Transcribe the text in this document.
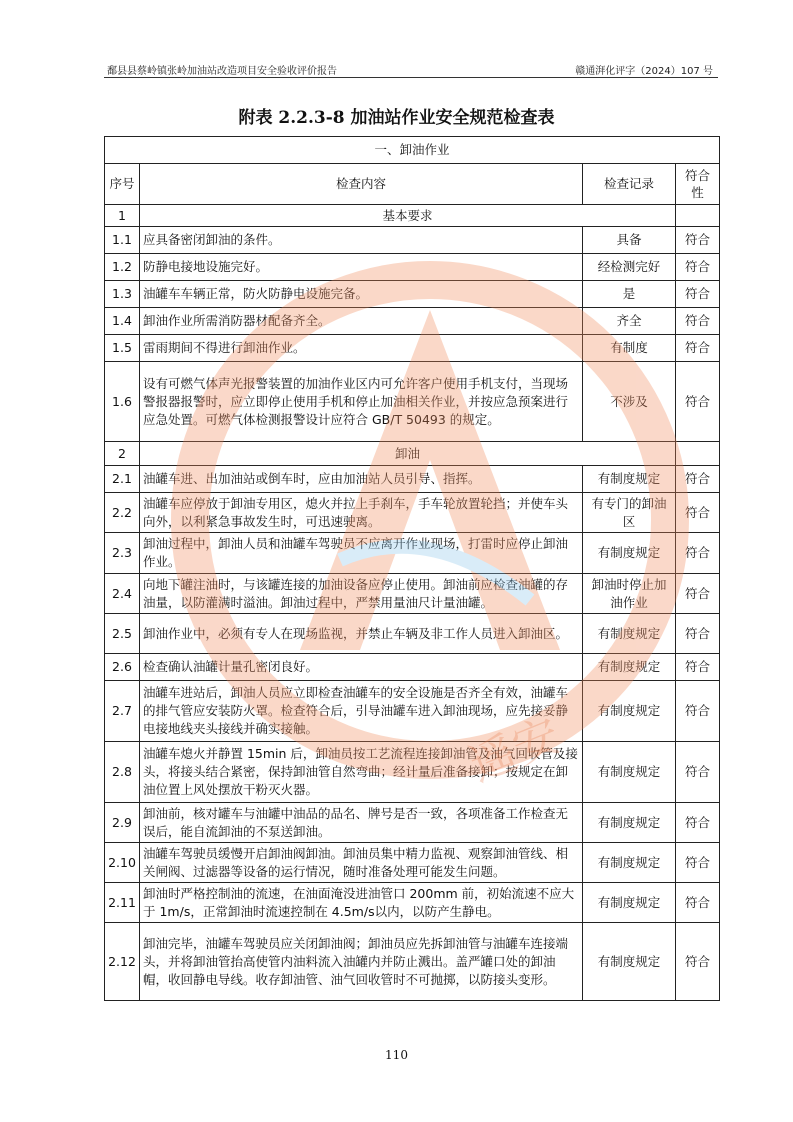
鄱县县蔡岭镇张岭加油站改造项目安全验收评价报告	赣通湃化评字（2024）107 号
附表 2.2.3-8 加油站作业安全规范检查表
一、卸油作业			
序号	检查内容	检查记录	符合性
1	基本要求		
1.1	应具备密闭卸油的条件。	具备	符合
1.2	防静电接地设施完好。	经检测完好	符合
1.3	油罐车车辆正常，防火防静电设施完备。	是	符合
1.4	卸油作业所需消防器材配备齐全。	齐全	符合
1.5	雷雨期间不得进行卸油作业。	有制度	符合
1.6	设有可燃气体声光报警装置的加油作业区内可允许客户使用手机支付，当现场警报器报警时，应立即停止使用手机和停止加油相关作业，并按应急预案进行应急处置。可燃气体检测报警设计应符合 GB/T 50493 的规定。	不涉及	符合
2	卸油		
2.1	油罐车进、出加油站或倒车时，应由加油站人员引导、指挥。	有制度规定	符合
2.2	油罐车应停放于卸油专用区，熄火并拉上手刹车，手车轮放置轮挡；并使车头向外，以利紧急事故发生时，可迅速驶离。	有专门的卸油区	符合
2.3	卸油过程中，卸油人员和油罐车驾驶员不应离开作业现场，打雷时应停止卸油作业。	有制度规定	符合
2.4	向地下罐注油时，与该罐连接的加油设备应停止使用。卸油前应检查油罐的存油量，以防灌满时溢油。卸油过程中，严禁用量油尺计量油罐。	卸油时停止加油作业	符合
2.5	卸油作业中，必须有专人在现场监视，并禁止车辆及非工作人员进入卸油区。	有制度规定	符合
2.6	检查确认油罐计量孔密闭良好。	有制度规定	符合
2.7	油罐车进站后，卸油人员应立即检查油罐车的安全设施是否齐全有效，油罐车的排气管应安装防火罩。检查符合后，引导油罐车进入卸油现场，应先接妥静电接地线夹头接线并确实接触。	有制度规定	符合
2.8	油罐车熄火并静置 15min 后，卸油员按工艺流程连接卸油管及油气回收管及接头，将接头结合紧密，保持卸油管自然弯曲；经计量后准备接卸；按规定在卸油位置上风处摆放干粉灭火器。	有制度规定	符合
2.9	卸油前，核对罐车与油罐中油品的品名、牌号是否一致，各项准备工作检查无误后，能自流卸油的不泵送卸油。	有制度规定	符合
2.10	油罐车驾驶员缓慢开启卸油阀卸油。卸油员集中精力监视、观察卸油管线、相关闸阀、过滤器等设备的运行情况，随时准备处理可能发生问题。	有制度规定	符合
2.11	卸油时严格控制油的流速，在油面淹没进油管口 200mm 前，初始流速不应大于 1m/s，正常卸油时流速控制在 4.5m/s以内，以防产生静电。	有制度规定	符合
2.12	卸油完毕，油罐车驾驶员应关闭卸油阀；卸油员应先拆卸油管与油罐车连接端头，并将卸油管抬高使管内油料流入油罐内并防止溅出。盖严罐口处的卸油帽，收回静电导线。收存卸油管、油气回收管时不可抛掷，以防接头变形。	有制度规定	符合
遥安
110
